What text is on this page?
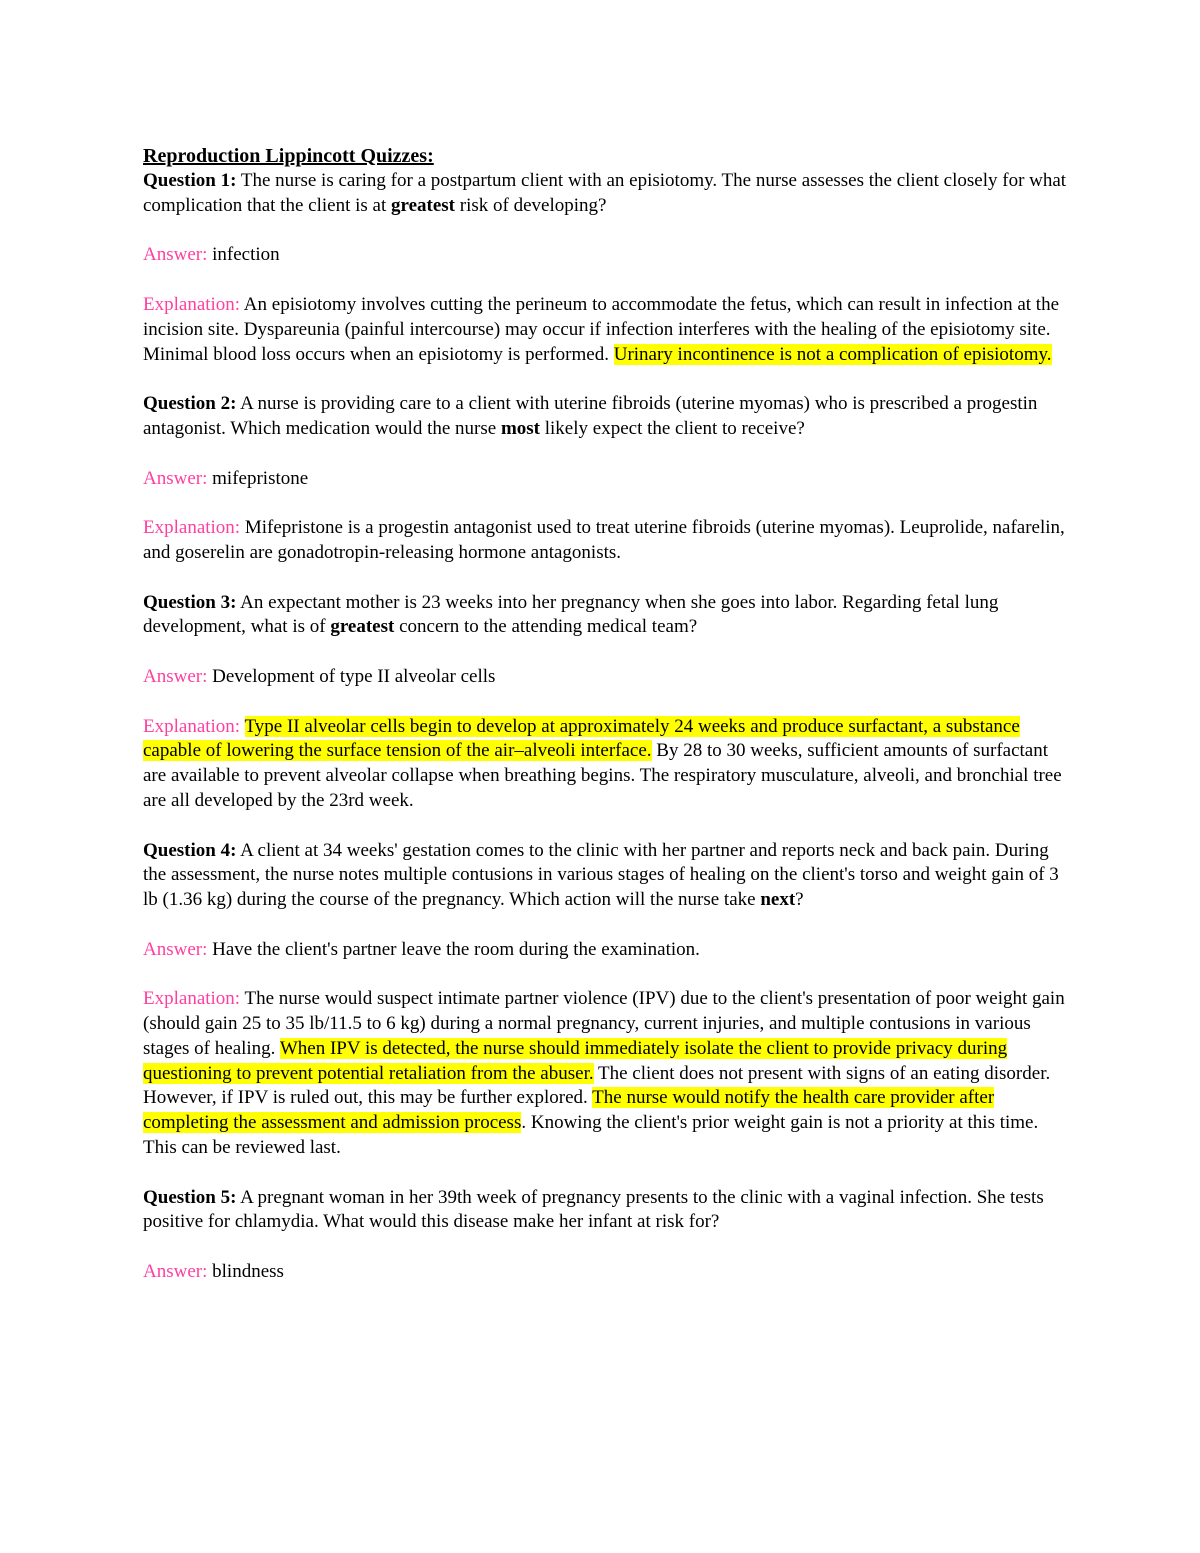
Reproduction Lippincott Quizzes:

Question 1: The nurse is caring for a postpartum client with an episiotomy. The nurse assesses the client closely for what complication that the client is at greatest risk of developing?

Answer: infection

Explanation: An episiotomy involves cutting the perineum to accommodate the fetus, which can result in infection at the incision site. Dyspareunia (painful intercourse) may occur if infection interferes with the healing of the episiotomy site. Minimal blood loss occurs when an episiotomy is performed. Urinary incontinence is not a complication of episiotomy.

Question 2: A nurse is providing care to a client with uterine fibroids (uterine myomas) who is prescribed a progestin antagonist. Which medication would the nurse most likely expect the client to receive?

Answer: mifepristone

Explanation: Mifepristone is a progestin antagonist used to treat uterine fibroids (uterine myomas). Leuprolide, nafarelin, and goserelin are gonadotropin-releasing hormone antagonists.

Question 3: An expectant mother is 23 weeks into her pregnancy when she goes into labor. Regarding fetal lung development, what is of greatest concern to the attending medical team?

Answer: Development of type II alveolar cells

Explanation: Type II alveolar cells begin to develop at approximately 24 weeks and produce surfactant, a substance capable of lowering the surface tension of the air–alveoli interface. By 28 to 30 weeks, sufficient amounts of surfactant are available to prevent alveolar collapse when breathing begins. The respiratory musculature, alveoli, and bronchial tree are all developed by the 23rd week.

Question 4: A client at 34 weeks' gestation comes to the clinic with her partner and reports neck and back pain. During the assessment, the nurse notes multiple contusions in various stages of healing on the client's torso and weight gain of 3 lb (1.36 kg) during the course of the pregnancy. Which action will the nurse take next?

Answer: Have the client's partner leave the room during the examination.

Explanation: The nurse would suspect intimate partner violence (IPV) due to the client's presentation of poor weight gain (should gain 25 to 35 lb/11.5 to 6 kg) during a normal pregnancy, current injuries, and multiple contusions in various stages of healing. When IPV is detected, the nurse should immediately isolate the client to provide privacy during questioning to prevent potential retaliation from the abuser. The client does not present with signs of an eating disorder. However, if IPV is ruled out, this may be further explored. The nurse would notify the health care provider after completing the assessment and admission process. Knowing the client's prior weight gain is not a priority at this time. This can be reviewed last.

Question 5: A pregnant woman in her 39th week of pregnancy presents to the clinic with a vaginal infection. She tests positive for chlamydia. What would this disease make her infant at risk for?

Answer: blindness
